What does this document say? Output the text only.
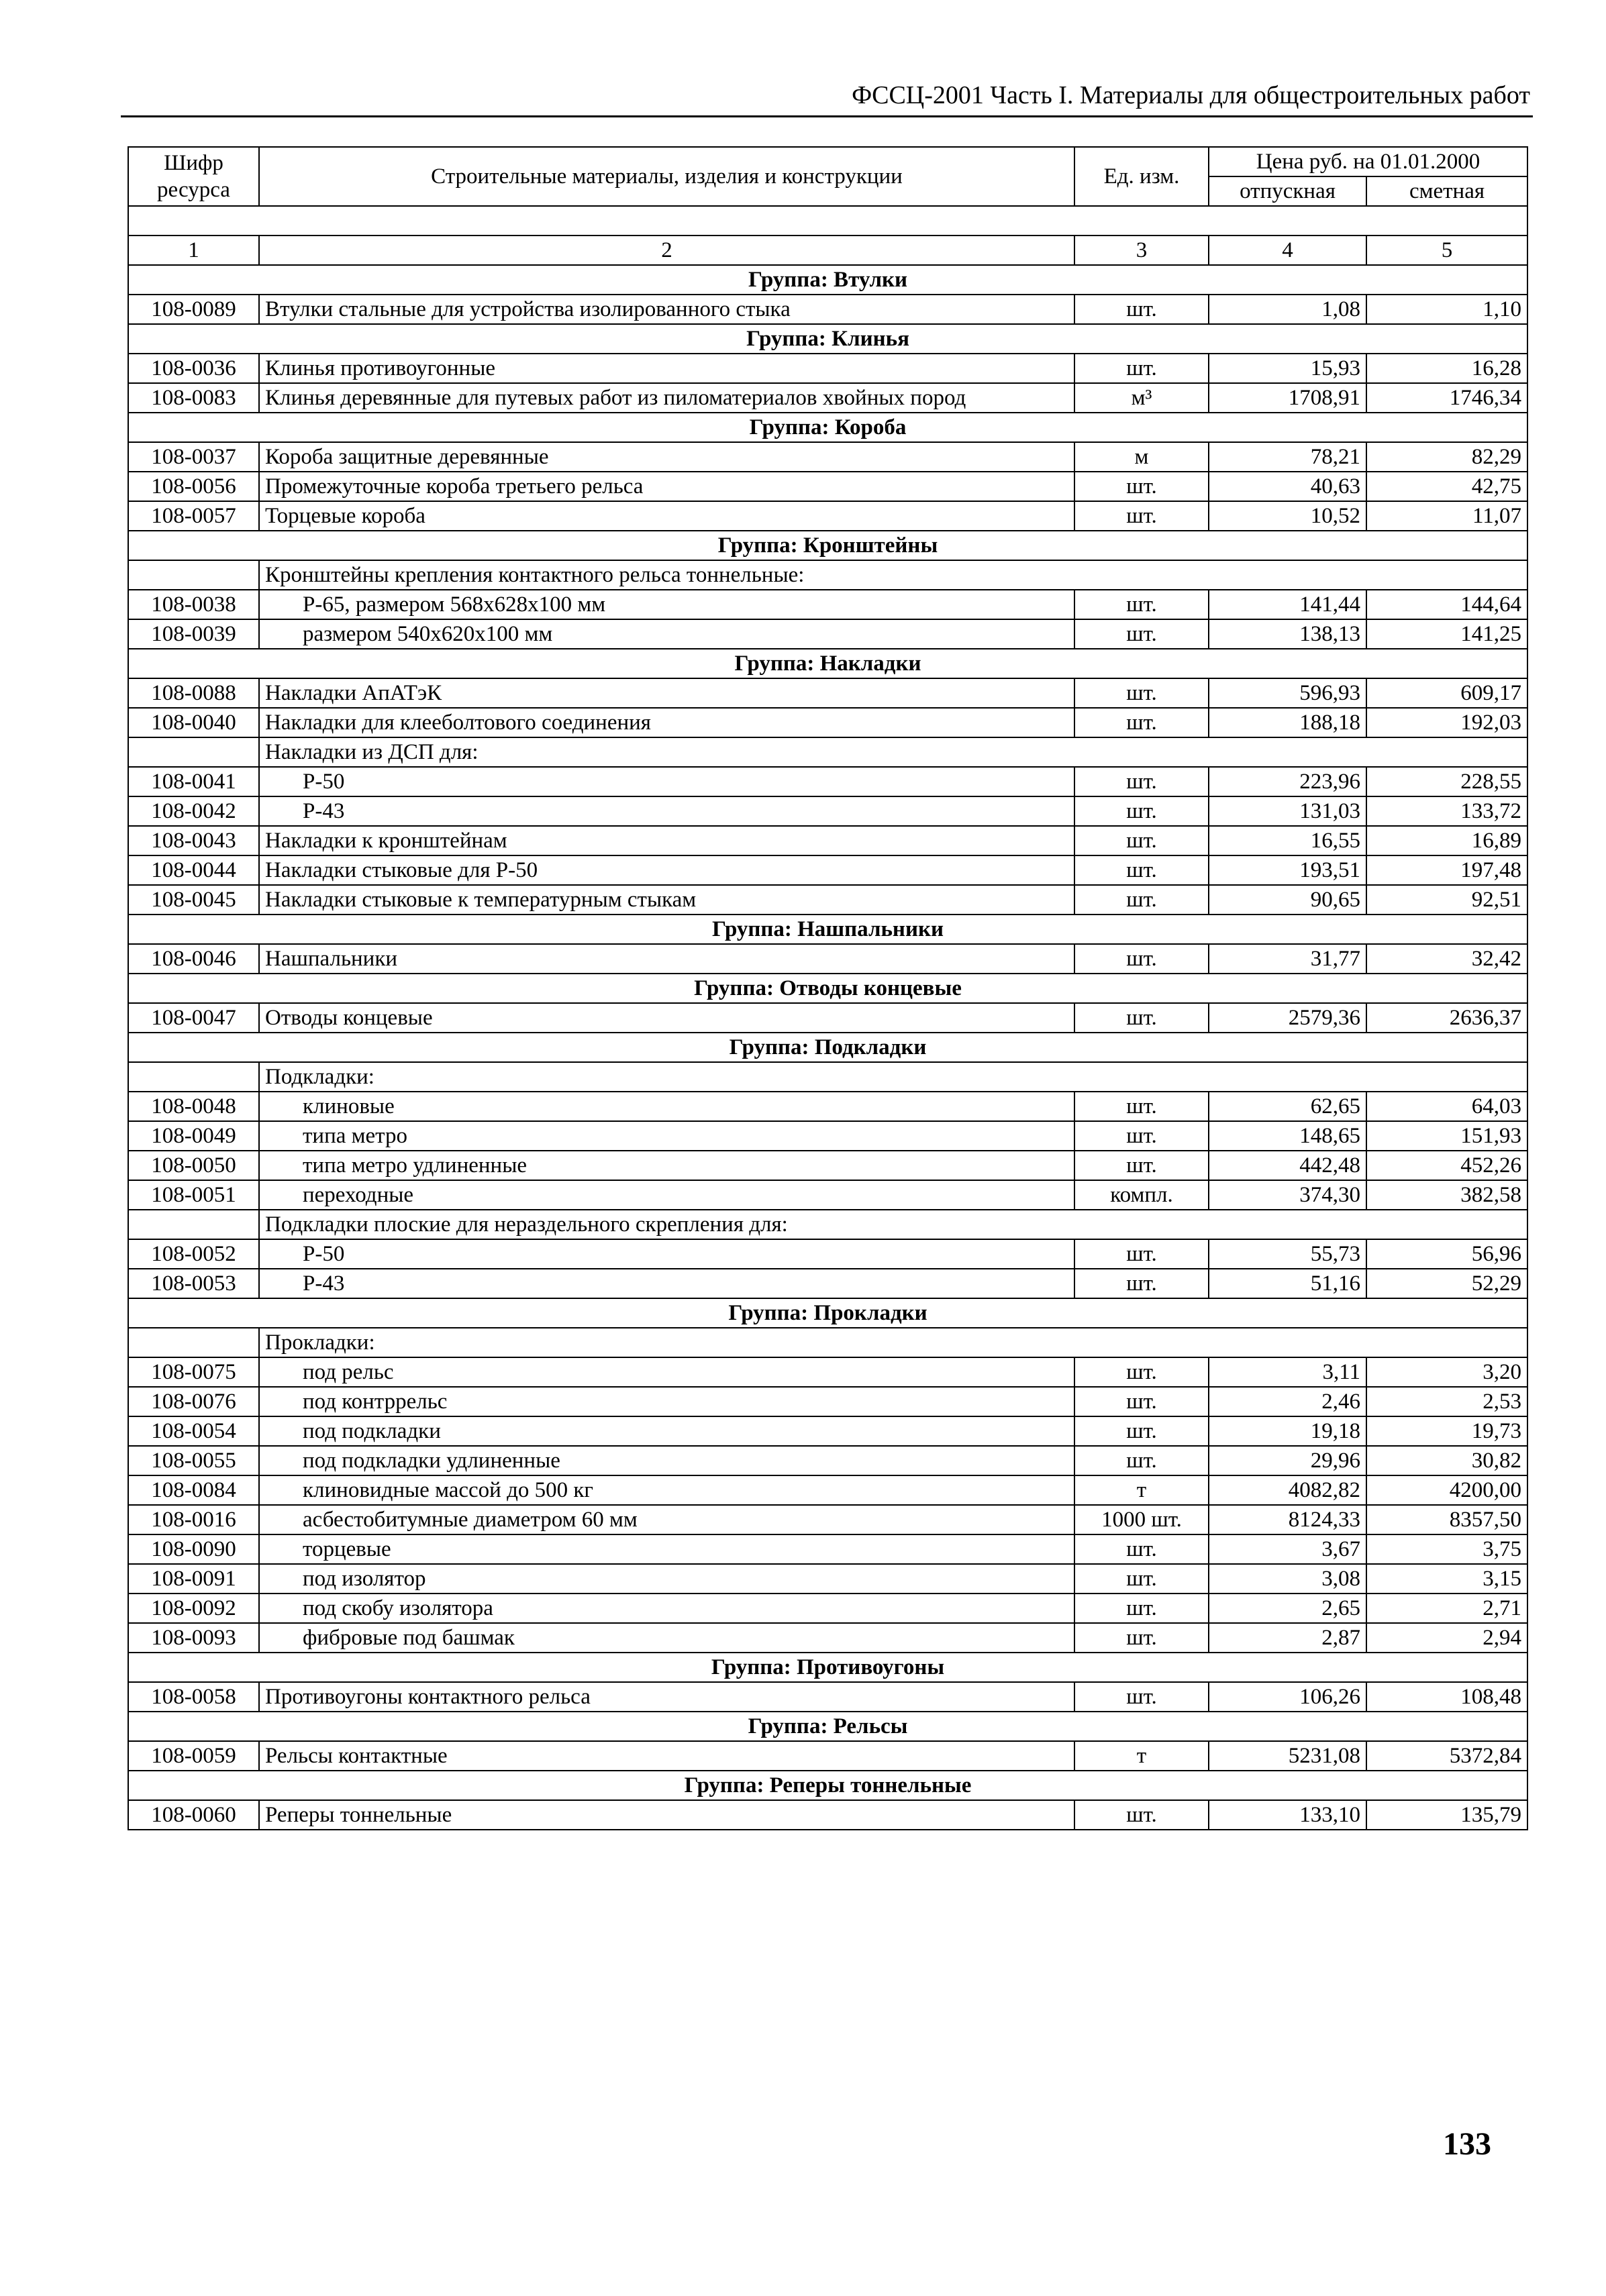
ФССЦ-2001 Часть I. Материалы для общестроительных работ
Шифр ресурса	Строительные материалы, изделия и конструкции	Ед. изм.	Цена руб. на 01.01.2000	
			отпускная	сметная

1	2	3	4	5
Группа: Втулки				
108-0089	Втулки стальные для устройства изолированного стыка	шт.	1,08	1,10
Группа: Клинья				
108-0036	Клинья противоугонные	шт.	15,93	16,28
108-0083	Клинья деревянные для путевых работ из пиломатериалов хвойных пород	м³	1708,91	1746,34
Группа: Короба				
108-0037	Короба защитные деревянные	м	78,21	82,29
108-0056	Промежуточные короба третьего рельса	шт.	40,63	42,75
108-0057	Торцевые короба	шт.	10,52	11,07
Группа: Кронштейны				
	Кронштейны крепления контактного рельса тоннельные:			
108-0038	Р-65, размером 568х628х100 мм	шт.	141,44	144,64
108-0039	размером 540х620х100 мм	шт.	138,13	141,25
Группа: Накладки				
108-0088	Накладки АпАТэК	шт.	596,93	609,17
108-0040	Накладки для клееболтового соединения	шт.	188,18	192,03
	Накладки из ДСП для:			
108-0041	Р-50	шт.	223,96	228,55
108-0042	Р-43	шт.	131,03	133,72
108-0043	Накладки к кронштейнам	шт.	16,55	16,89
108-0044	Накладки стыковые для Р-50	шт.	193,51	197,48
108-0045	Накладки стыковые к температурным стыкам	шт.	90,65	92,51
Группа: Нашпальники				
108-0046	Нашпальники	шт.	31,77	32,42
Группа: Отводы концевые				
108-0047	Отводы концевые	шт.	2579,36	2636,37
Группа: Подкладки				
	Подкладки:			
108-0048	клиновые	шт.	62,65	64,03
108-0049	типа метро	шт.	148,65	151,93
108-0050	типа метро удлиненные	шт.	442,48	452,26
108-0051	переходные	компл.	374,30	382,58
	Подкладки плоские для нераздельного скрепления для:			
108-0052	Р-50	шт.	55,73	56,96
108-0053	Р-43	шт.	51,16	52,29
Группа: Прокладки				
	Прокладки:			
108-0075	под рельс	шт.	3,11	3,20
108-0076	под контррельс	шт.	2,46	2,53
108-0054	под подкладки	шт.	19,18	19,73
108-0055	под подкладки удлиненные	шт.	29,96	30,82
108-0084	клиновидные массой до 500 кг	т	4082,82	4200,00
108-0016	асбестобитумные диаметром 60 мм	1000 шт.	8124,33	8357,50
108-0090	торцевые	шт.	3,67	3,75
108-0091	под изолятор	шт.	3,08	3,15
108-0092	под скобу изолятора	шт.	2,65	2,71
108-0093	фибровые под башмак	шт.	2,87	2,94
Группа: Противоугоны				
108-0058	Противоугоны контактного рельса	шт.	106,26	108,48
Группа: Рельсы				
108-0059	Рельсы контактные	т	5231,08	5372,84
Группа: Реперы тоннельные				
108-0060	Реперы тоннельные	шт.	133,10	135,79
133
